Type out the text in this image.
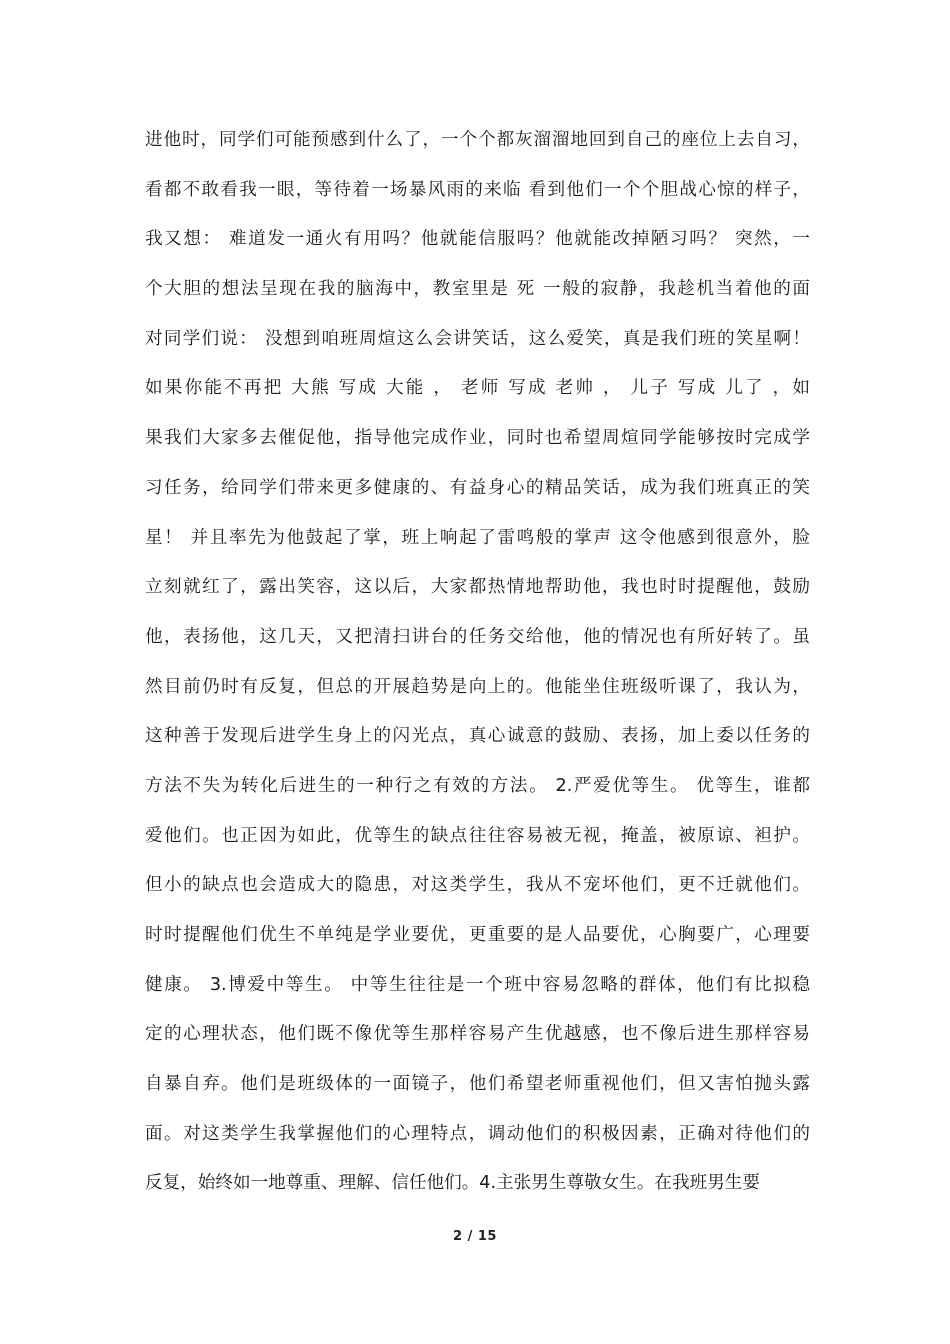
进他时，同学们可能预感到什么了，一个个都灰溜溜地回到自己的座位上去自习，
看都不敢看我一眼，等待着一场暴风雨的来临 看到他们一个个胆战心惊的样子，
我又想： 难道发一通火有用吗？他就能信服吗？他就能改掉陋习吗？ 突然，一
个大胆的想法呈现在我的脑海中，教室里是 死 一般的寂静，我趁机当着他的面
对同学们说： 没想到咱班周煊这么会讲笑话，这么爱笑，真是我们班的笑星啊！
如果你能不再把 大熊 写成 大能 ， 老师 写成 老帅 ， 儿子 写成 儿了 ，如
果我们大家多去催促他，指导他完成作业，同时也希望周煊同学能够按时完成学
习任务，给同学们带来更多健康的、有益身心的精品笑话，成为我们班真正的笑
星！ 并且率先为他鼓起了掌，班上响起了雷鸣般的掌声 这令他感到很意外，脸
立刻就红了，露出笑容，这以后，大家都热情地帮助他，我也时时提醒他，鼓励
他，表扬他，这几天，又把清扫讲台的任务交给他，他的情况也有所好转了。虽
然目前仍时有反复，但总的开展趋势是向上的。他能坐住班级听课了，我认为，
这种善于发现后进学生身上的闪光点，真心诚意的鼓励、表扬，加上委以任务的
方法不失为转化后进生的一种行之有效的方法。 2.严爱优等生。 优等生，谁都
爱他们。也正因为如此，优等生的缺点往往容易被无视，掩盖，被原谅、袒护。
但小的缺点也会造成大的隐患，对这类学生，我从不宠坏他们，更不迁就他们。
时时提醒他们优生不单纯是学业要优，更重要的是人品要优，心胸要广，心理要
健康。 3.博爱中等生。 中等生往往是一个班中容易忽略的群体，他们有比拟稳
定的心理状态，他们既不像优等生那样容易产生优越感，也不像后进生那样容易
自暴自弃。他们是班级体的一面镜子，他们希望老师重视他们，但又害怕抛头露
面。对这类学生我掌握他们的心理特点，调动他们的积极因素，正确对待他们的
反复，始终如一地尊重、理解、信任他们。4.主张男生尊敬女生。在我班男生要
2 / 15
